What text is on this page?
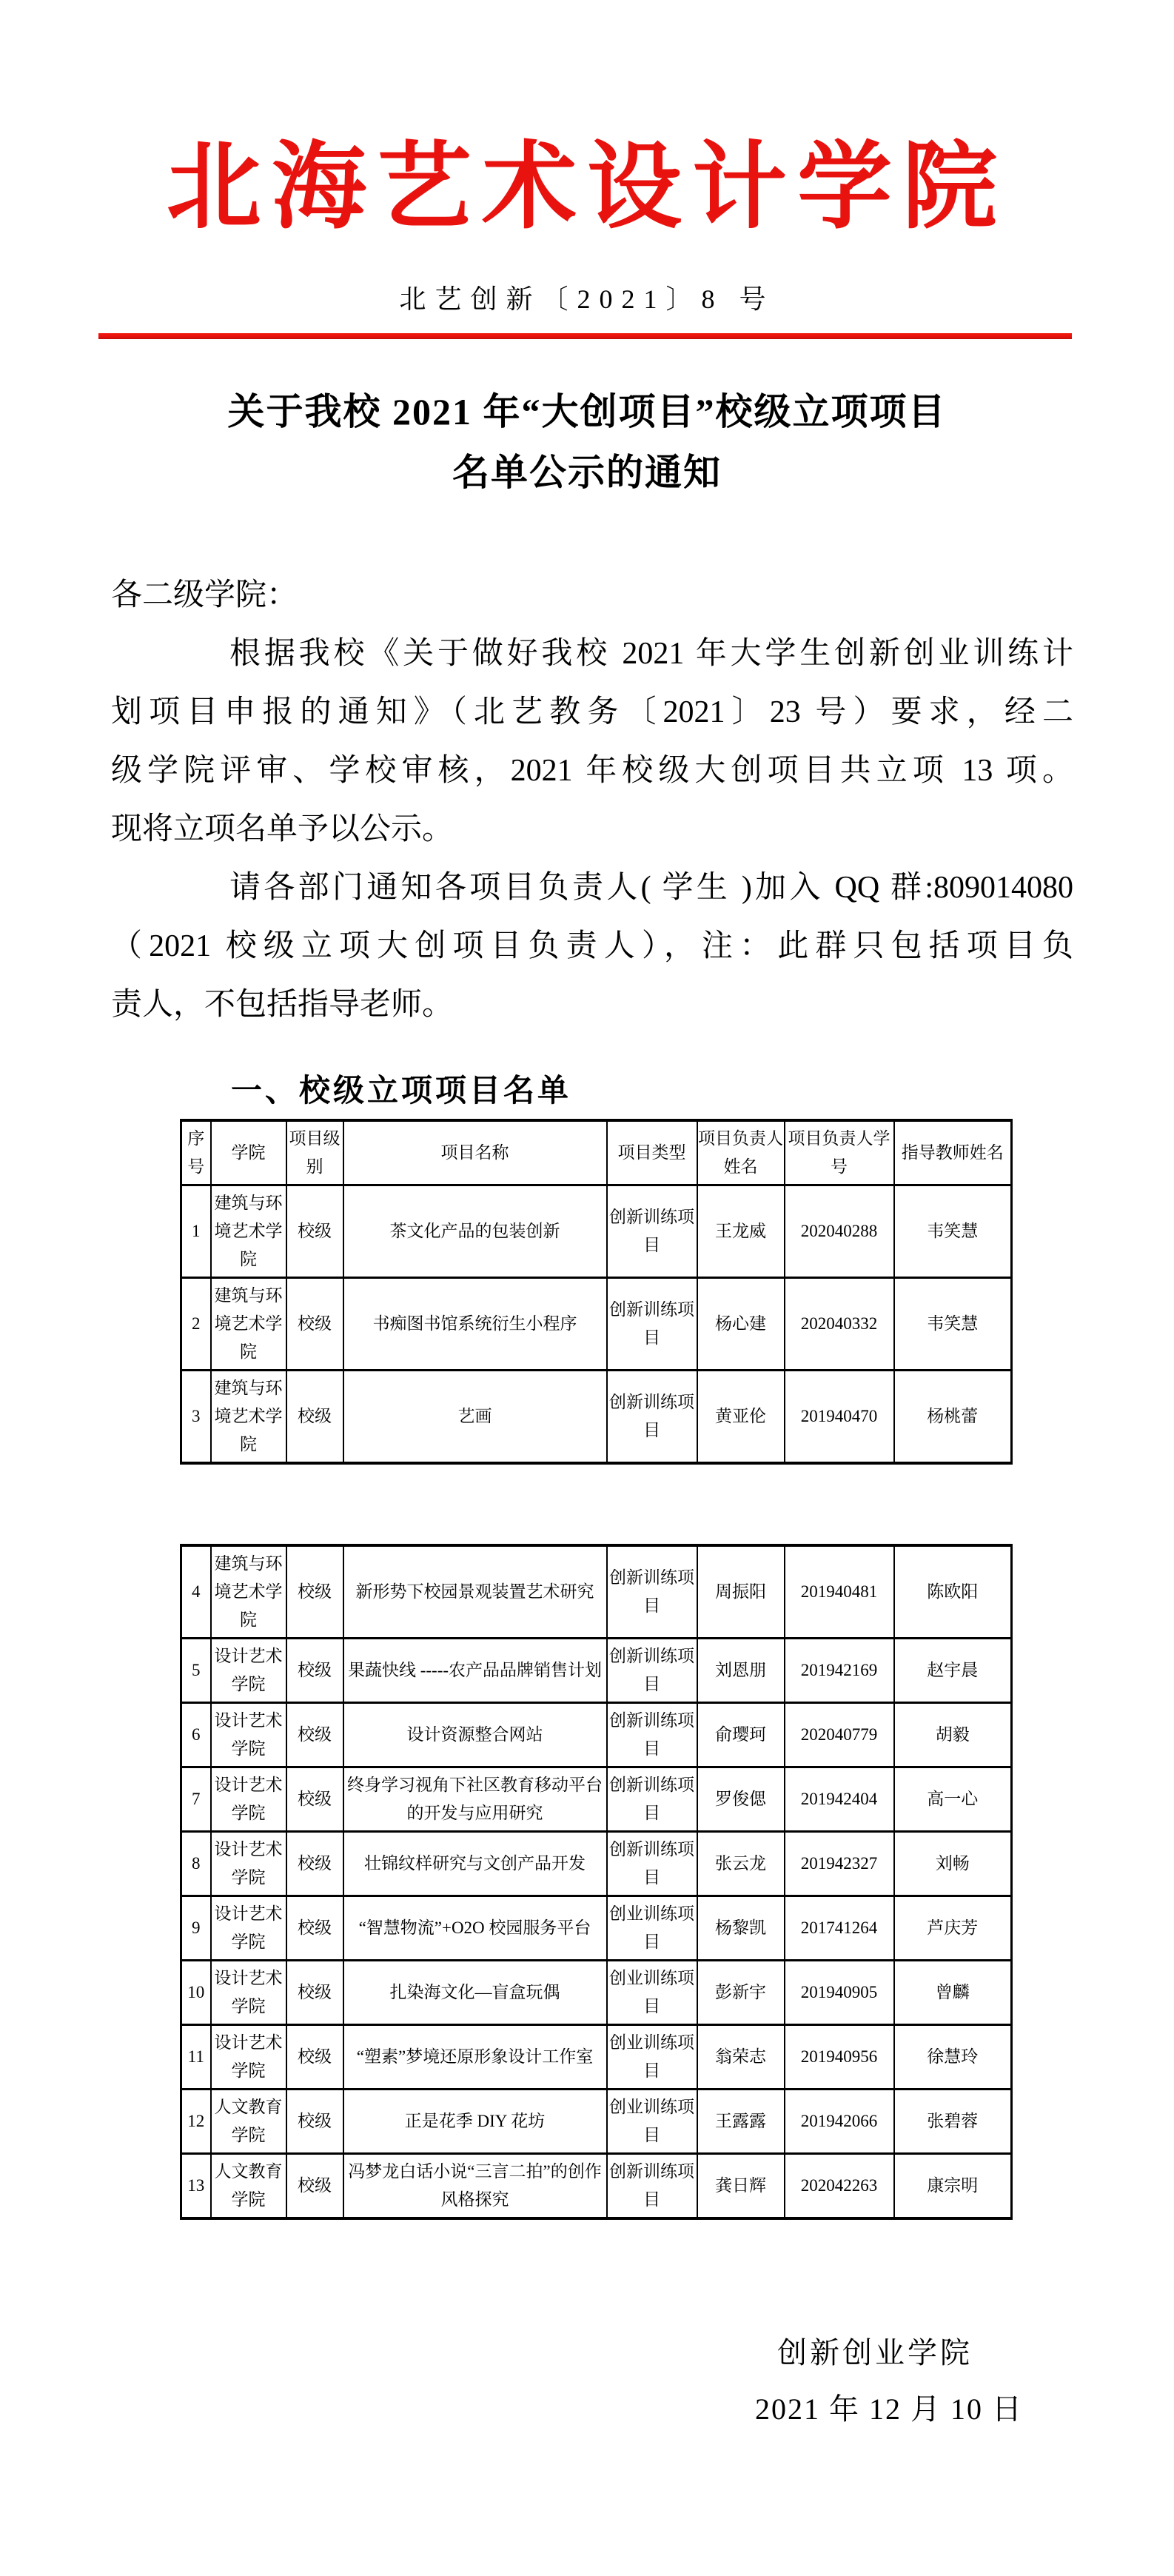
北海艺术设计学院
北艺创新〔2021〕8 号
关于我校 2021 年“大创项目”校级立项项目
名单公示的通知
各二级学院：
根据我校《关于做好我校 2021 年大学生创新创业训练计
划项目申报的通知》（北艺教务〔2021〕23 号）要求，经二
级学院评审、学校审核，2021 年校级大创项目共立项 13 项。
现将立项名单予以公示。
请各部门通知各项目负责人( 学生 )加入 QQ 群:809014080
（2021 校级立项大创项目负责人），注：此群只包括项目负
责人，不包括指导老师。
一、校级立项项目名单
序号	学院	项目级别	项目名称	项目类型	项目负责人姓名	项目负责人学号	指导教师姓名
1	建筑与环境艺术学院	校级	茶文化产品的包装创新	创新训练项目	王龙威	202040288	韦笑慧
2	建筑与环境艺术学院	校级	书痴图书馆系统衍生小程序	创新训练项目	杨心建	202040332	韦笑慧
3	建筑与环境艺术学院	校级	艺画	创新训练项目	黄亚伦	201940470	杨桃蕾
4	建筑与环境艺术学院	校级	新形势下校园景观装置艺术研究	创新训练项目	周振阳	201940481	陈欧阳
5	设计艺术学院	校级	果蔬快线 -----农产品品牌销售计划	创新训练项目	刘恩朋	201942169	赵宇晨
6	设计艺术学院	校级	设计资源整合网站	创新训练项目	俞璎珂	202040779	胡毅
7	设计艺术学院	校级	终身学习视角下社区教育移动平台的开发与应用研究	创新训练项目	罗俊偲	201942404	高一心
8	设计艺术学院	校级	壮锦纹样研究与文创产品开发	创新训练项目	张云龙	201942327	刘畅
9	设计艺术学院	校级	“智慧物流”+O2O 校园服务平台	创业训练项目	杨黎凯	201741264	芦庆芳
10	设计艺术学院	校级	扎染海文化—盲盒玩偶	创业训练项目	彭新宇	201940905	曾麟
11	设计艺术学院	校级	“塑素”梦境还原形象设计工作室	创业训练项目	翁荣志	201940956	徐慧玲
12	人文教育学院	校级	正是花季 DIY 花坊	创业训练项目	王露露	201942066	张碧蓉
13	人文教育学院	校级	冯梦龙白话小说“三言二拍”的创作风格探究	创新训练项目	龚日辉	202042263	康宗明
创新创业学院
2021 年 12 月 10 日
